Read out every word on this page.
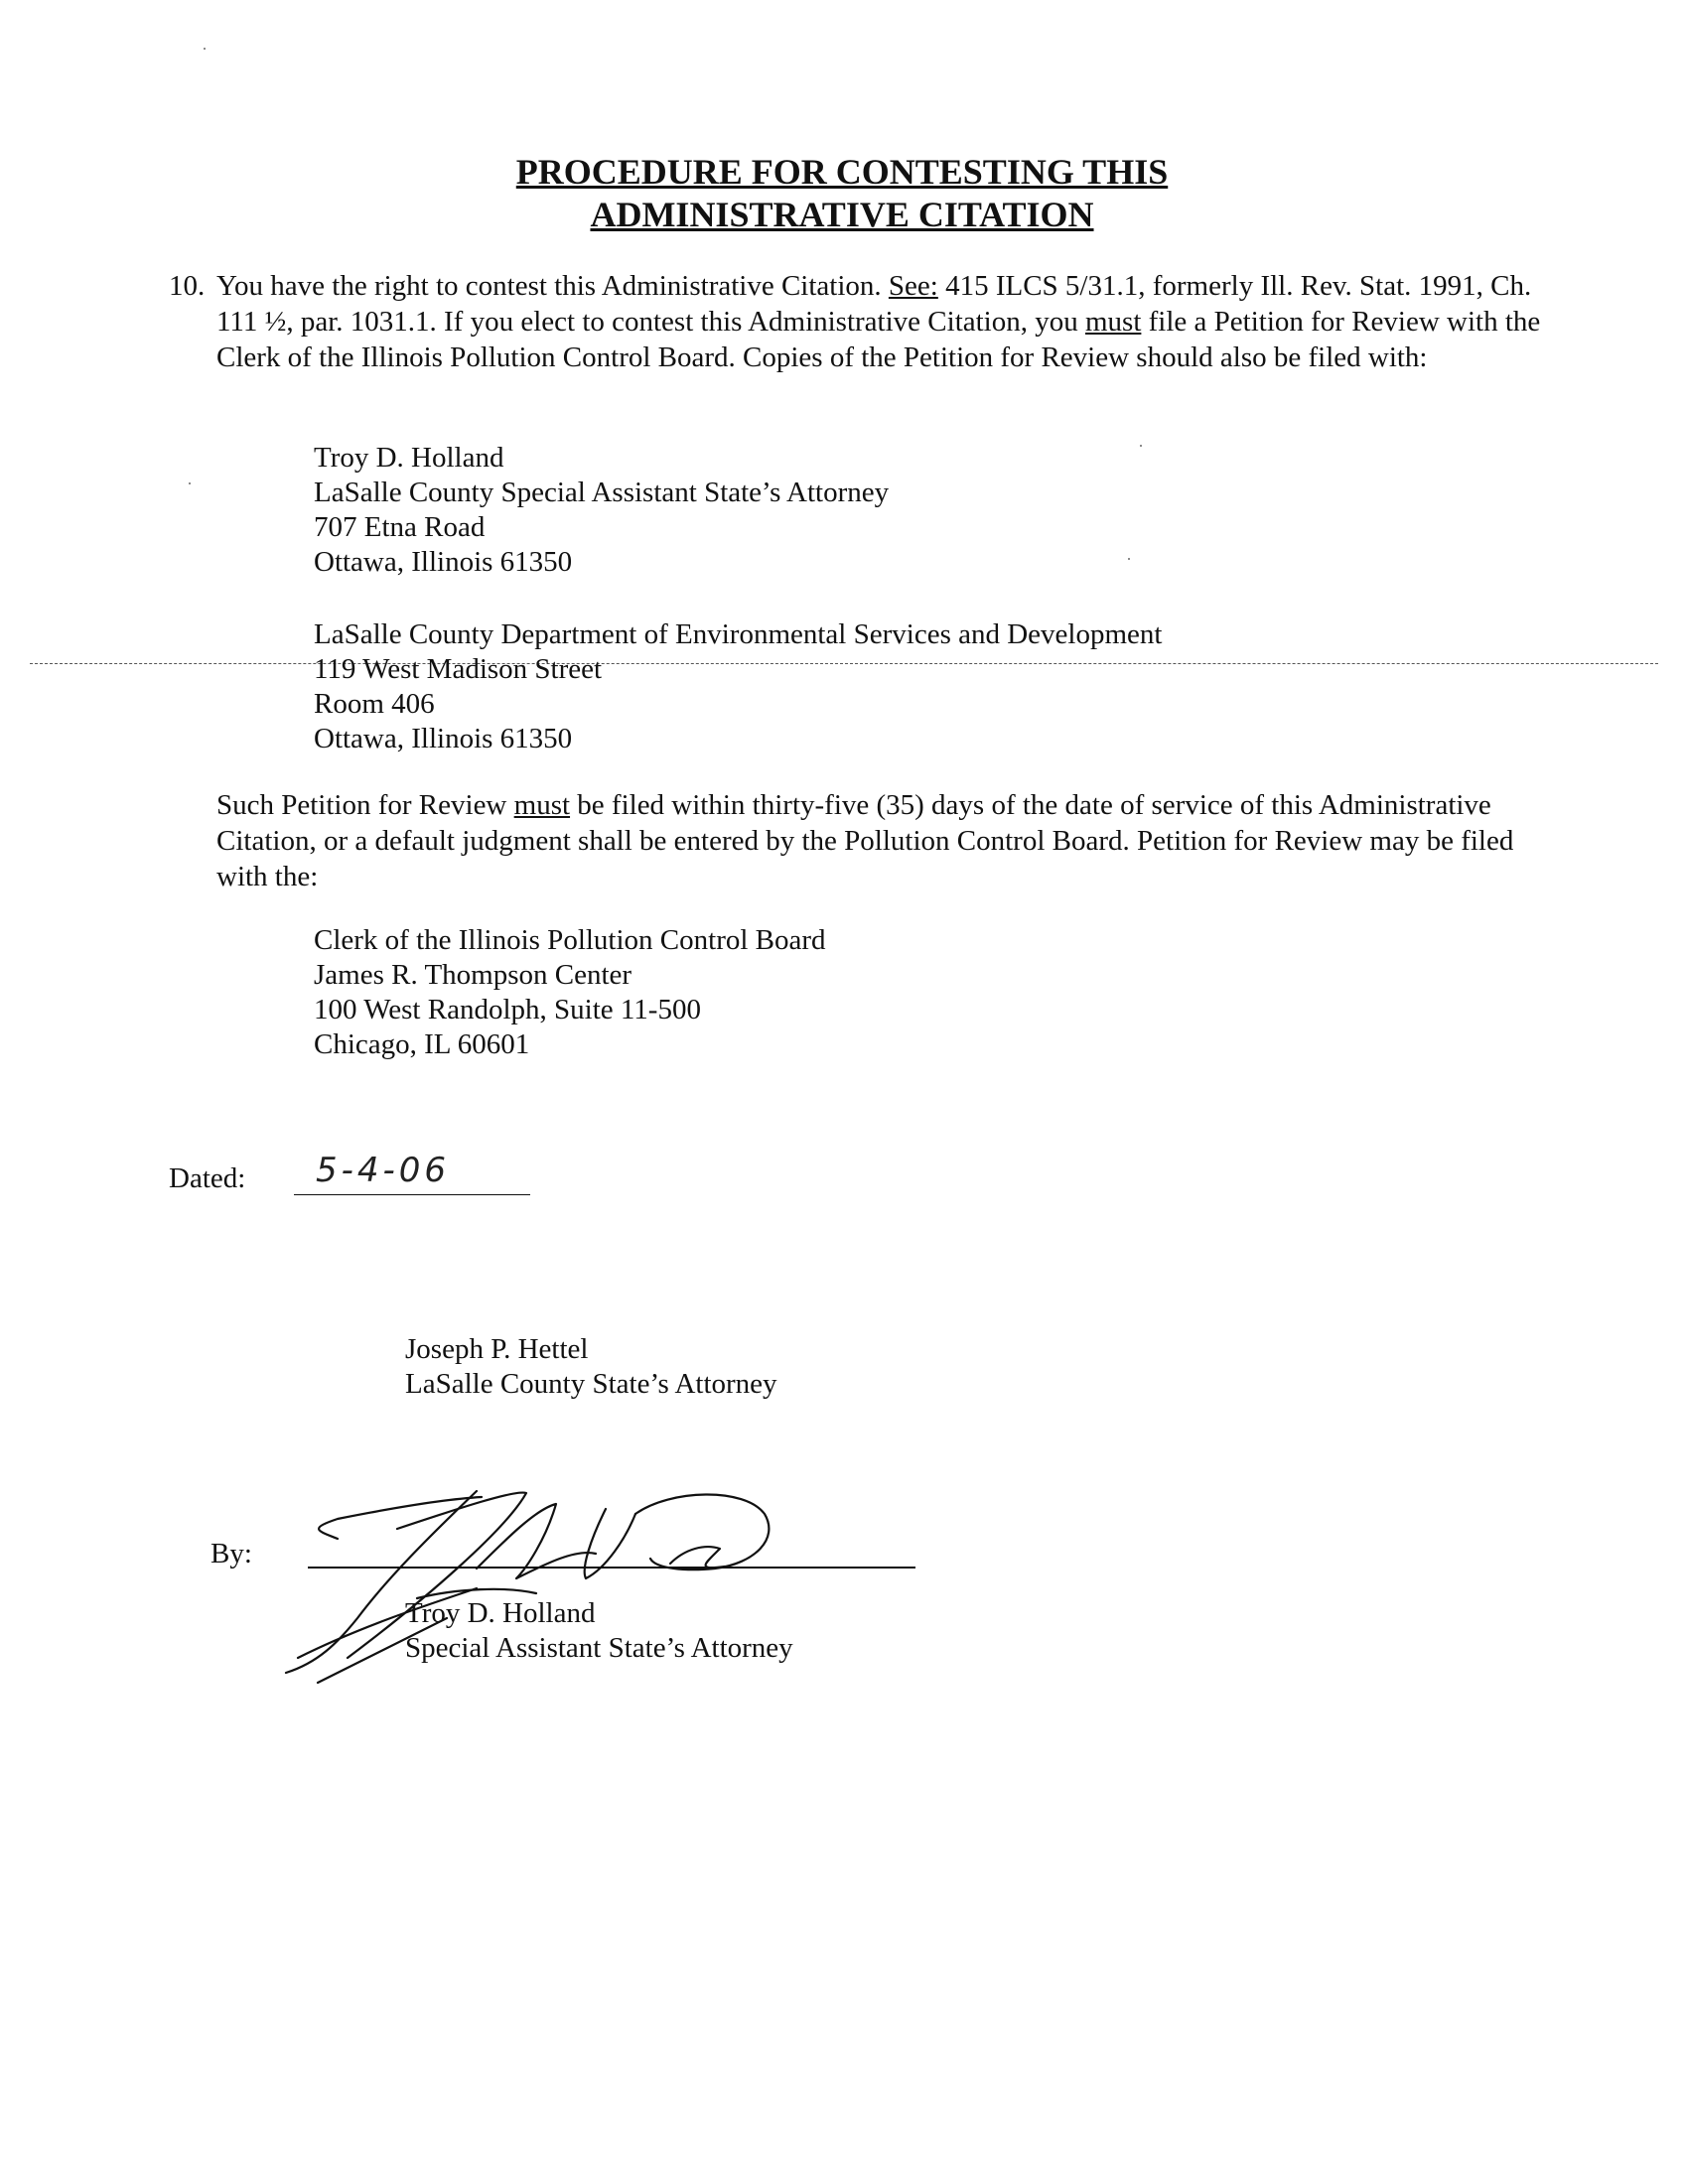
PROCEDURE FOR CONTESTING THIS
ADMINISTRATIVE CITATION
10. You have the right to contest this Administrative Citation. See: 415 ILCS 5/31.1, formerly Ill. Rev. Stat. 1991, Ch. 111 ½, par. 1031.1. If you elect to contest this Administrative Citation, you must file a Petition for Review with the Clerk of the Illinois Pollution Control Board. Copies of the Petition for Review should also be filed with:
Troy D. Holland
LaSalle County Special Assistant State’s Attorney
707 Etna Road
Ottawa, Illinois 61350
LaSalle County Department of Environmental Services and Development
119 West Madison Street
Room 406
Ottawa, Illinois 61350
Such Petition for Review must be filed within thirty-five (35) days of the date of service of this Administrative Citation, or a default judgment shall be entered by the Pollution Control Board. Petition for Review may be filed with the:
Clerk of the Illinois Pollution Control Board
James R. Thompson Center
100 West Randolph, Suite 11-500
Chicago, IL 60601
Dated: 5-4-06
Joseph P. Hettel
LaSalle County State’s Attorney
By:
Troy D. Holland
Special Assistant State’s Attorney
